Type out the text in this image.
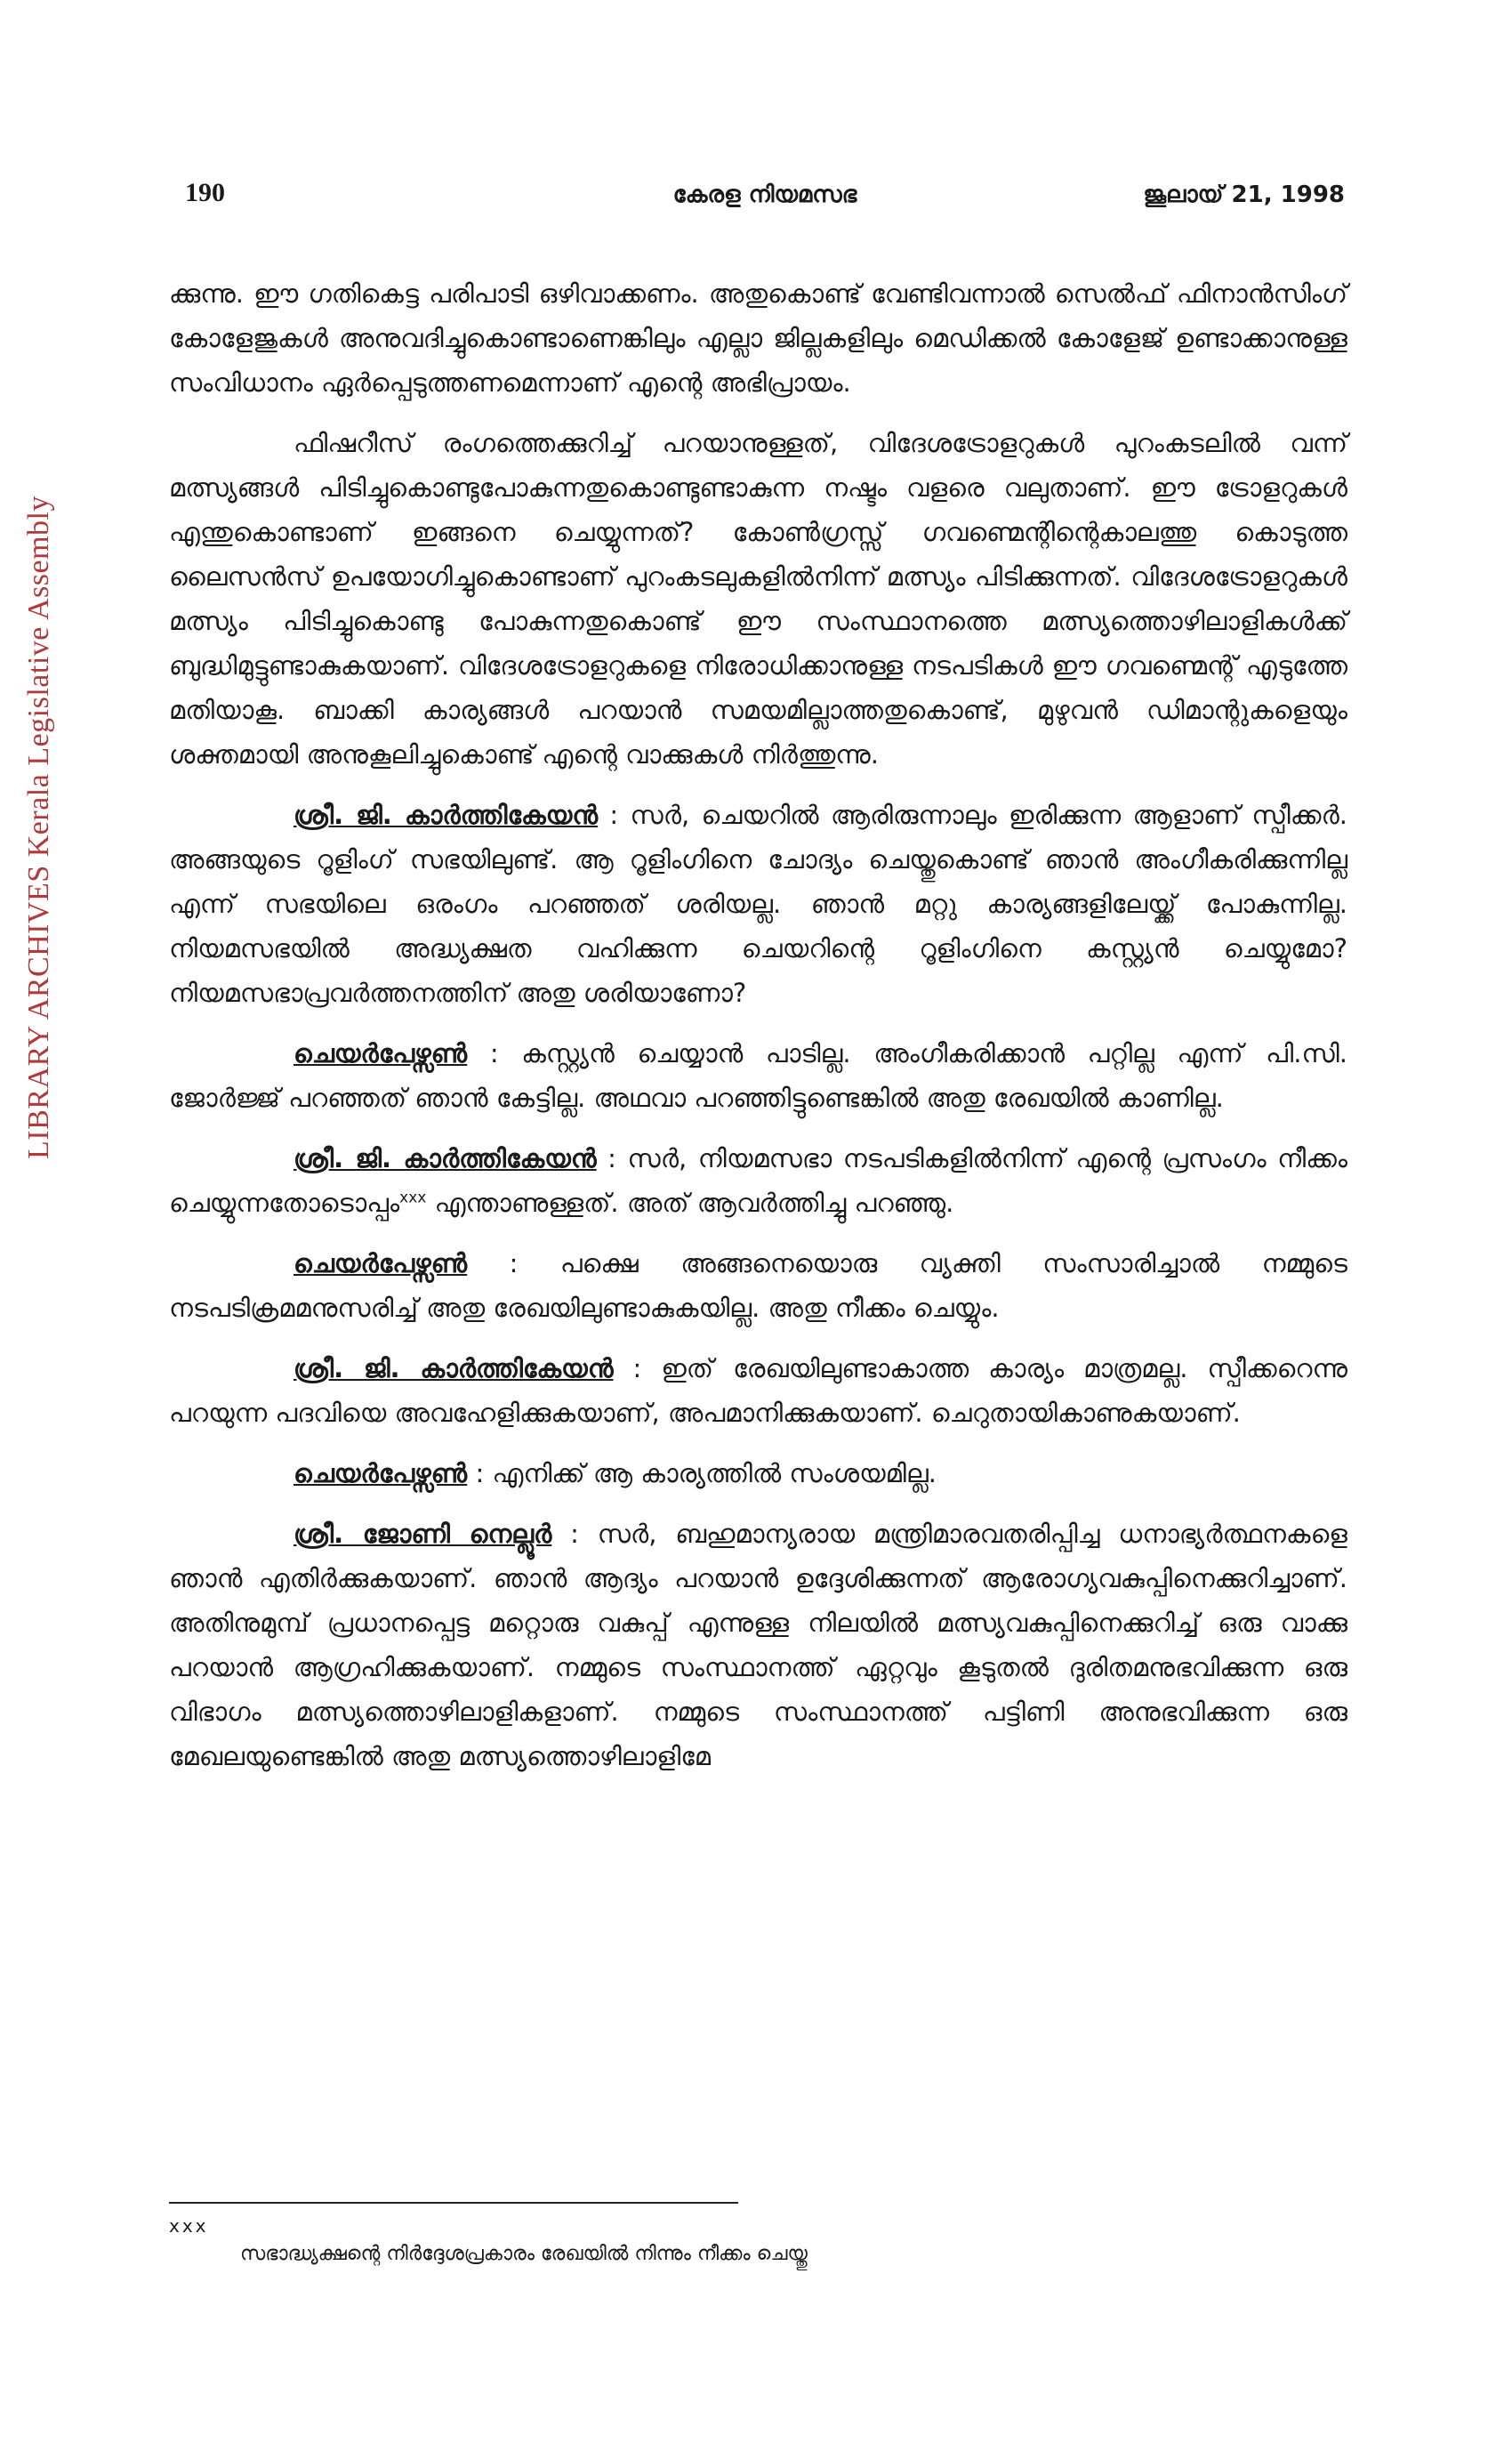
LIBRARY ARCHIVES Kerala Legislative Assembly
190	കേരള നിയമസഭ	ജൂലായ് 21, 1998

ക്കുന്നു. ഈ ഗതികെട്ട പരിപാടി ഒഴിവാക്കണം. അതുകൊണ്ട് വേണ്ടിവന്നാൽ സെൽഫ് ഫിനാൻസിംഗ് കോളേജുകൾ അനുവദിച്ചുകൊണ്ടാണെങ്കിലും എല്ലാ ജില്ലകളിലും മെഡിക്കൽ കോളേജ് ഉണ്ടാക്കാനുള്ള സംവിധാനം ഏർപ്പെടുത്തണമെന്നാണ് എന്റെ അഭിപ്രായം.

ഫിഷറീസ് രംഗത്തെക്കുറിച്ച് പറയാനുള്ളത്, വിദേശട്രോളറുകൾ പുറംകടലിൽ വന്ന് മത്സ്യങ്ങൾ പിടിച്ചുകൊണ്ടുപോകുന്നതുകൊണ്ടുണ്ടാകുന്ന നഷ്ടം വളരെ വലുതാണ്. ഈ ട്രോളറുകൾ എന്തുകൊണ്ടാണ് ഇങ്ങനെ ചെയ്യുന്നത്? കോൺഗ്രസ്സ് ഗവണ്മെന്റിന്റെകാലത്തു കൊടുത്ത ലൈസൻസ് ഉപയോഗിച്ചുകൊണ്ടാണ് പുറംകടലുകളിൽനിന്ന് മത്സ്യം പിടിക്കുന്നത്. വിദേശട്രോളറുകൾ മത്സ്യം പിടിച്ചുകൊണ്ടു പോകുന്നതുകൊണ്ട് ഈ സംസ്ഥാനത്തെ മത്സ്യത്തൊഴിലാളികൾക്ക് ബുദ്ധിമുട്ടുണ്ടാകുകയാണ്. വിദേശട്രോളറുകളെ നിരോധിക്കാനുള്ള നടപടികൾ ഈ ഗവണ്മെന്റ് എടുത്തേ മതിയാകൂ. ബാക്കി കാര്യങ്ങൾ പറയാൻ സമയമില്ലാത്തതുകൊണ്ട്, മുഴുവൻ ഡിമാന്റുകളെയും ശക്തമായി അനുകൂലിച്ചുകൊണ്ട് എന്റെ വാക്കുകൾ നിർത്തുന്നു.

ശ്രീ. ജി. കാർത്തികേയൻ : സർ, ചെയറിൽ ആരിരുന്നാലും ഇരിക്കുന്ന ആളാണ് സ്പീക്കർ. അങ്ങയുടെ റൂളിംഗ് സഭയിലുണ്ട്. ആ റൂളിംഗിനെ ചോദ്യം ചെയ്തുകൊണ്ട് ഞാൻ അംഗീകരിക്കുന്നില്ല എന്ന് സഭയിലെ ഒരംഗം പറഞ്ഞത് ശരിയല്ല. ഞാൻ മറ്റു കാര്യങ്ങളിലേയ്ക്ക് പോകുന്നില്ല. നിയമസഭയിൽ അദ്ധ്യക്ഷത വഹിക്കുന്ന ചെയറിന്റെ റൂളിംഗിനെ കസ്റ്റ്യൻ ചെയ്യുമോ? നിയമസഭാപ്രവർത്തനത്തിന് അതു ശരിയാണോ?

ചെയർപേഴ്സൺ : കസ്റ്റ്യൻ ചെയ്യാൻ പാടില്ല. അംഗീകരിക്കാൻ പറ്റില്ല എന്ന് പി.സി. ജോർജ്ജ് പറഞ്ഞത് ഞാൻ കേട്ടില്ല. അഥവാ പറഞ്ഞിട്ടുണ്ടെങ്കിൽ അതു രേഖയിൽ കാണില്ല.

ശ്രീ. ജി. കാർത്തികേയൻ : സർ, നിയമസഭാ നടപടികളിൽനിന്ന് എന്റെ പ്രസംഗം നീക്കം ചെയ്യുന്നതോടൊപ്പം$^{xxx}$ എന്താണുള്ളത്. അത് ആവർത്തിച്ചു പറഞ്ഞു.

ചെയർപേഴ്സൺ : പക്ഷെ അങ്ങനെയൊരു വ്യക്തി സംസാരിച്ചാൽ നമ്മുടെ നടപടിക്രമമനുസരിച്ച് അതു രേഖയിലുണ്ടാകുകയില്ല. അതു നീക്കം ചെയ്യും.

ശ്രീ. ജി. കാർത്തികേയൻ : ഇത് രേഖയിലുണ്ടാകാത്ത കാര്യം മാത്രമല്ല. സ്പീക്കറെന്നു പറയുന്ന പദവിയെ അവഹേളിക്കുകയാണ്, അപമാനിക്കുകയാണ്. ചെറുതായികാണുകയാണ്.

ചെയർപേഴ്സൺ : എനിക്ക് ആ കാര്യത്തിൽ സംശയമില്ല.

ശ്രീ. ജോണി നെല്ലൂർ : സർ, ബഹുമാന്യരായ മന്ത്രിമാരവതരിപ്പിച്ച ധനാഭ്യർത്ഥനകളെ ഞാൻ എതിർക്കുകയാണ്. ഞാൻ ആദ്യം പറയാൻ ഉദ്ദേശിക്കുന്നത് ആരോഗ്യവകുപ്പിനെക്കുറിച്ചാണ്. അതിനുമുമ്പ് പ്രധാനപ്പെട്ട മറ്റൊരു വകുപ്പ് എന്നുള്ള നിലയിൽ മത്സ്യവകുപ്പിനെക്കുറിച്ച് ഒരു വാക്കു പറയാൻ ആഗ്രഹിക്കുകയാണ്. നമ്മുടെ സംസ്ഥാനത്ത് ഏറ്റവും കൂടുതൽ ദുരിതമനുഭവിക്കുന്ന ഒരു വിഭാഗം മത്സ്യത്തൊഴിലാളികളാണ്. നമ്മുടെ സംസ്ഥാനത്ത് പട്ടിണി അനുഭവിക്കുന്ന ഒരു മേഖലയുണ്ടെങ്കിൽ അതു മത്സ്യത്തൊഴിലാളിമേ

xxx
സഭാദ്ധ്യക്ഷന്റെ നിർദ്ദേശപ്രകാരം രേഖയിൽ നിന്നും നീക്കം ചെയ്തു
